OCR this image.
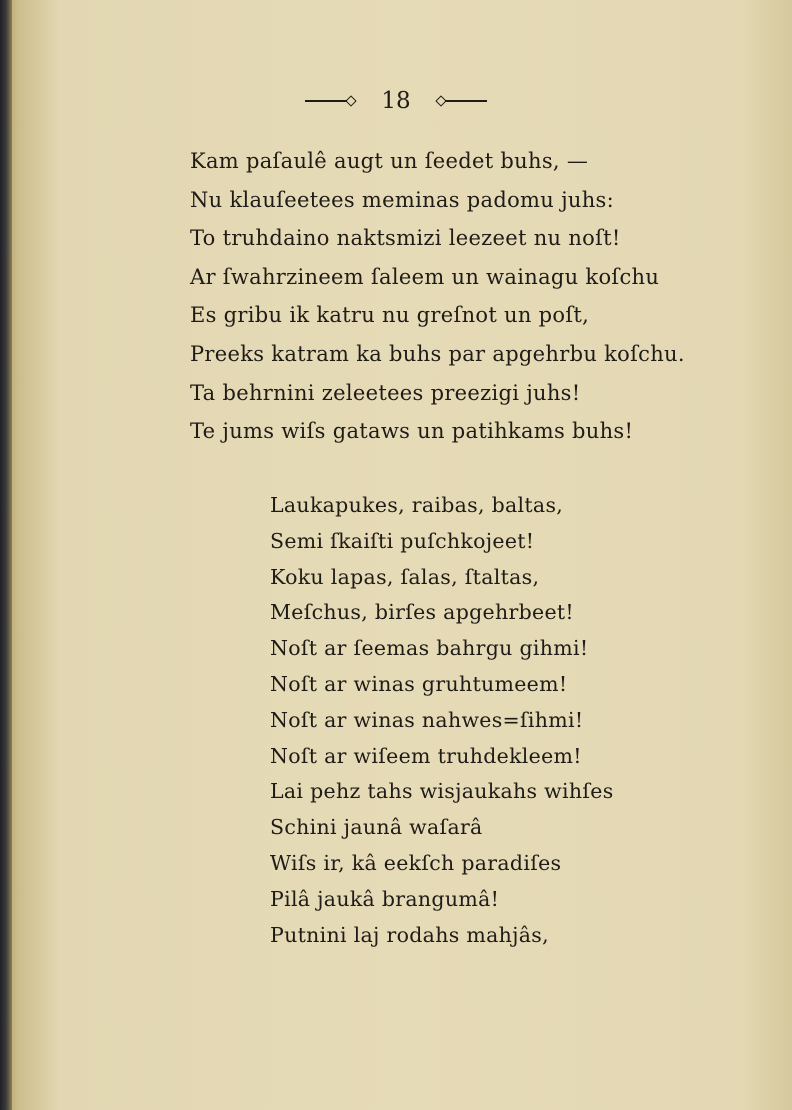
18
Kam paſaulê augt un ſeedet buhs, —
Nu klauſeetees meminas padomu juhs:
To truhdaino naktsmizi leezeet nu noſt!
Ar ſwahrzineem ſaleem un wainagu koſchu
Es gribu ik katru nu greſnot un poſt,
Preeks katram ka buhs par apgehrbu koſchu.
Ta behrnini zeleetees preezigi juhs!
Te jums wiſs gataws un patihkams buhs!
Laukapukes, raibas, baltas,
Semi ſkaiſti puſchkojeet!
Koku lapas, ſalas, ſtaltas,
Meſchus, birſes apgehrbeet!
Noſt ar ſeemas bahrgu gihmi!
Noſt ar winas gruhtumeem!
Noſt ar winas nahwes=ſihmi!
Noſt ar wiſeem truhdekleem!
Lai pehz tahs wisjaukahs wihſes
Schini jaunâ waſarâ
Wiſs ir, kâ eekſch paradiſes
Pilâ jaukâ brangumâ!
Putnini laj rodahs mahjâs,
